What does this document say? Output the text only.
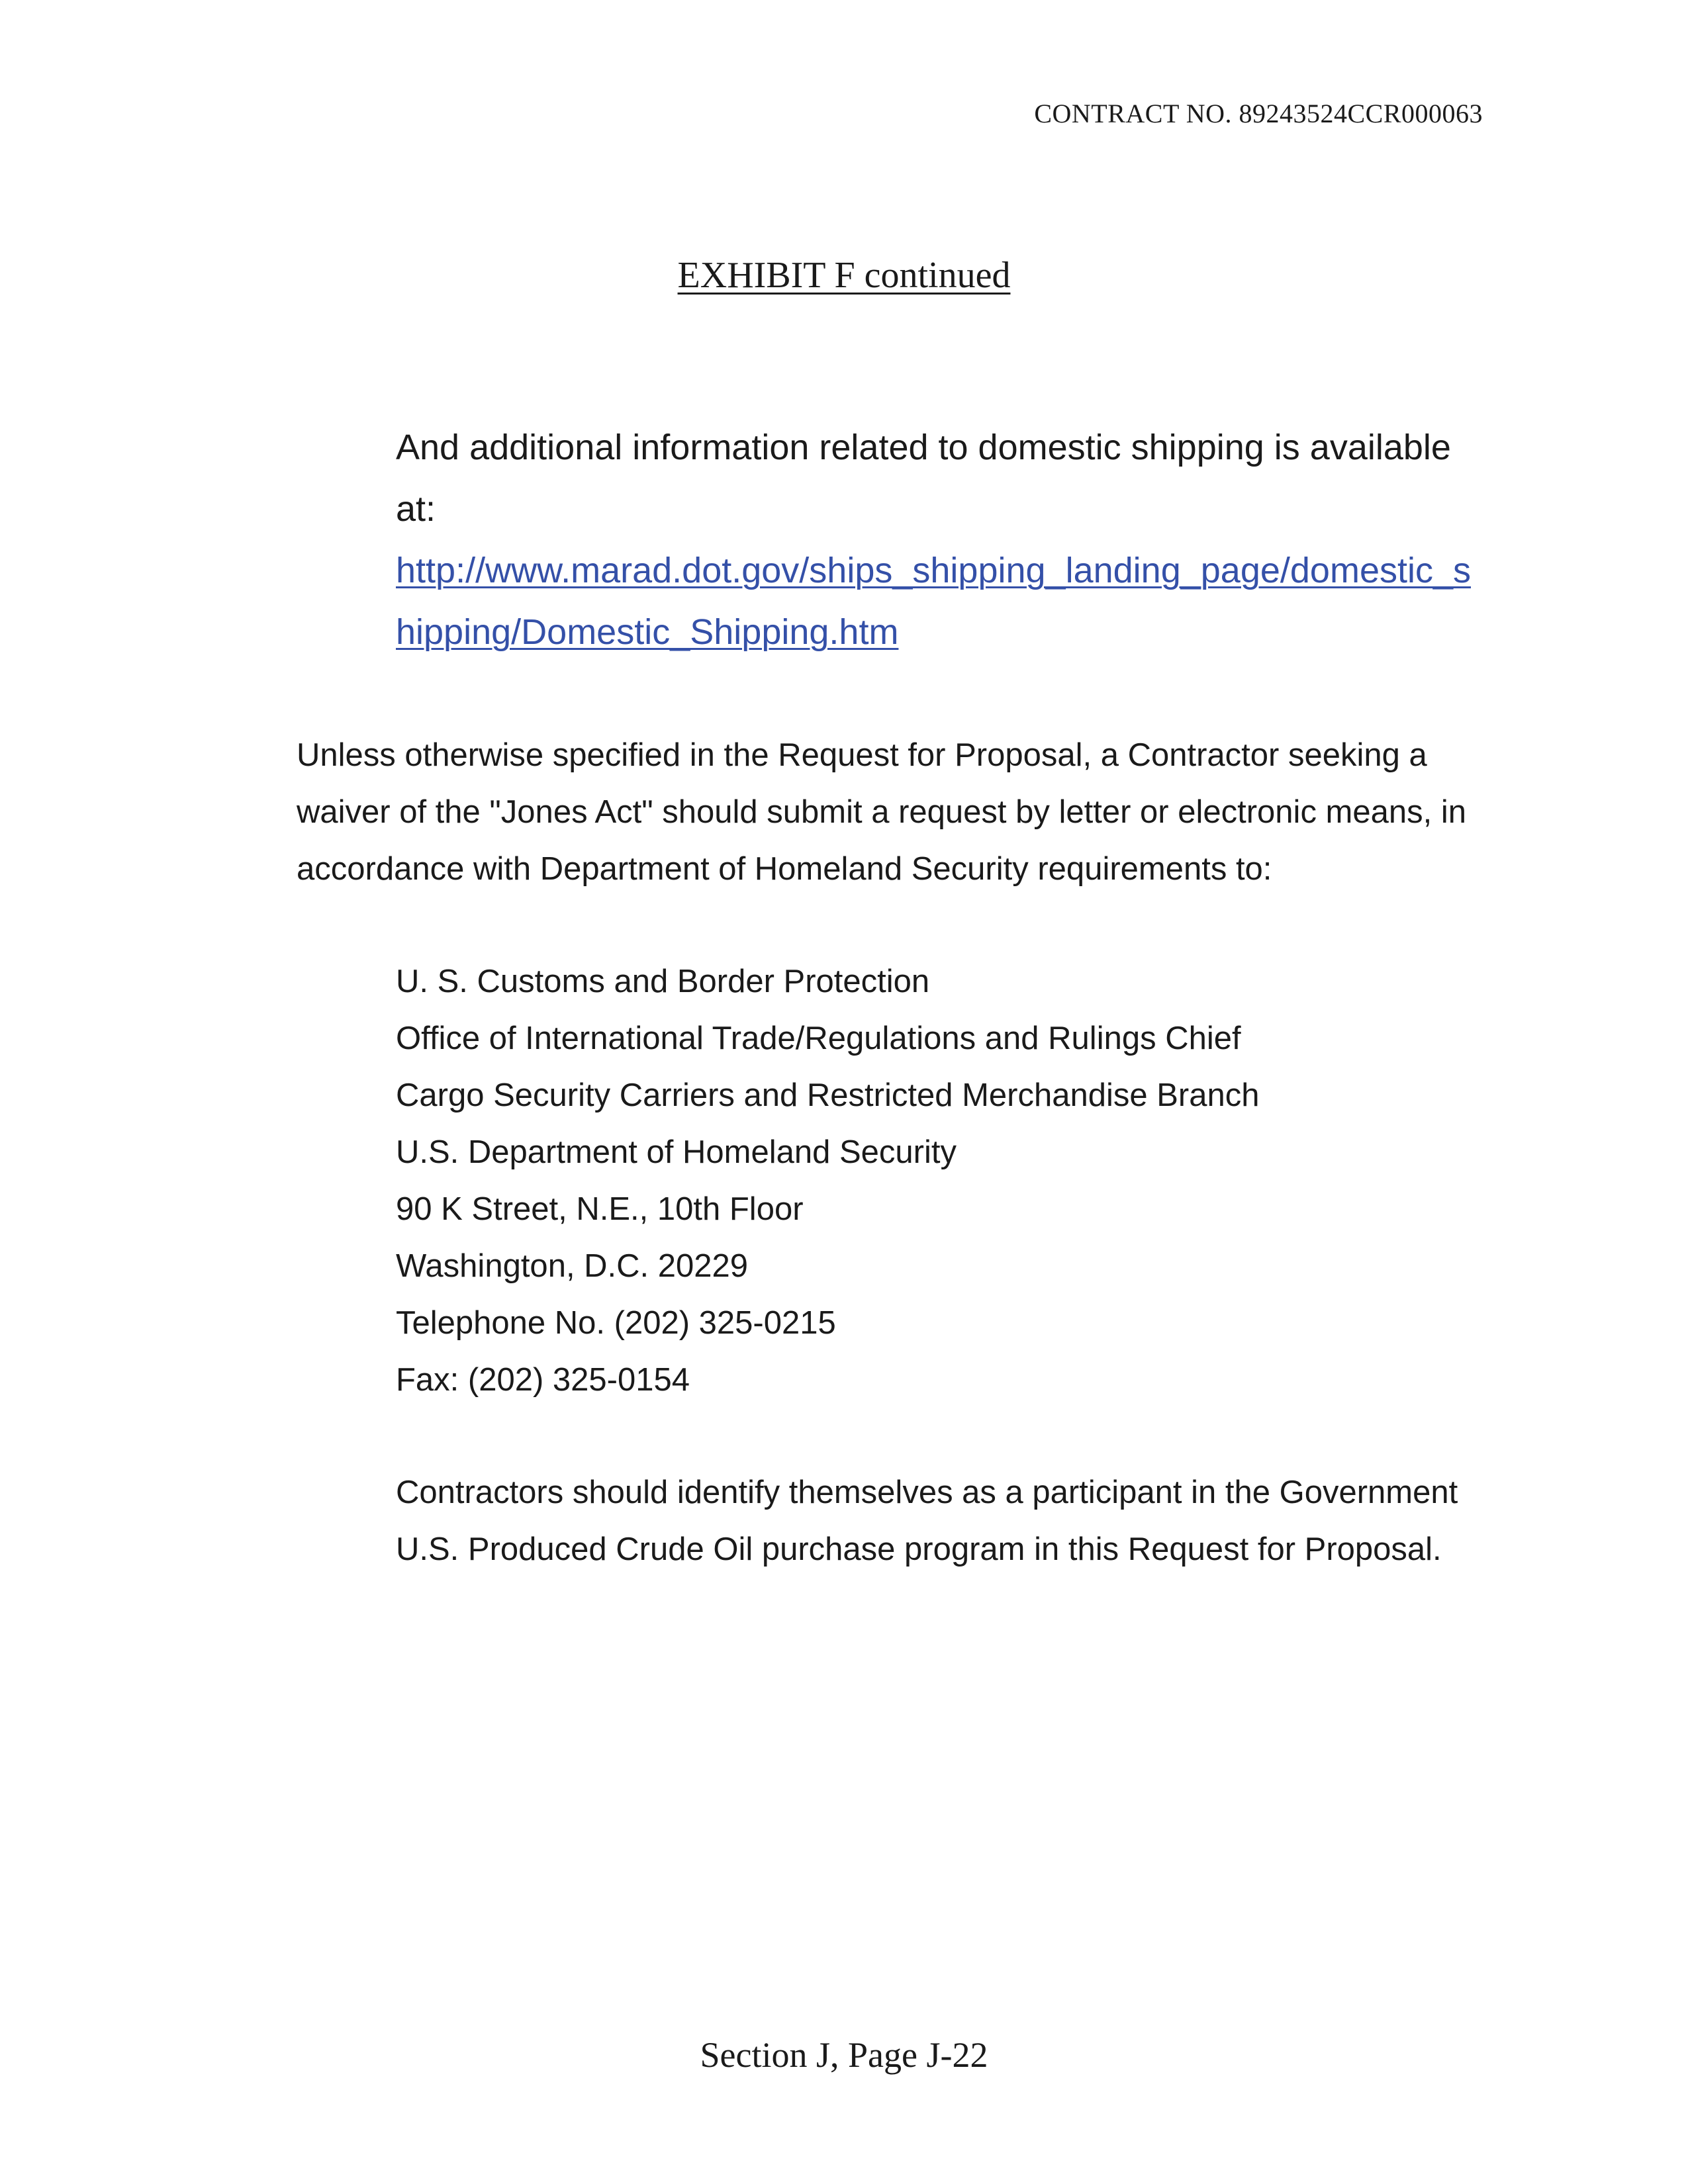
CONTRACT NO. 89243524CCR000063
EXHIBIT F continued
And additional information related to domestic shipping is available at:
http://www.marad.dot.gov/ships_shipping_landing_page/domestic_shipping/Domestic_Shipping.htm
Unless otherwise specified in the Request for Proposal, a Contractor seeking a waiver of the "Jones Act" should submit a request by letter or electronic means, in accordance with Department of Homeland Security requirements to:
U. S. Customs and Border Protection
Office of International Trade/Regulations and Rulings Chief
Cargo Security Carriers and Restricted Merchandise Branch
U.S. Department of Homeland Security
90 K Street, N.E., 10th Floor
Washington, D.C. 20229
Telephone No. (202) 325-0215
Fax: (202) 325-0154
Contractors should identify themselves as a participant in the Government U.S. Produced Crude Oil purchase program in this Request for Proposal.
Section J, Page J-22
